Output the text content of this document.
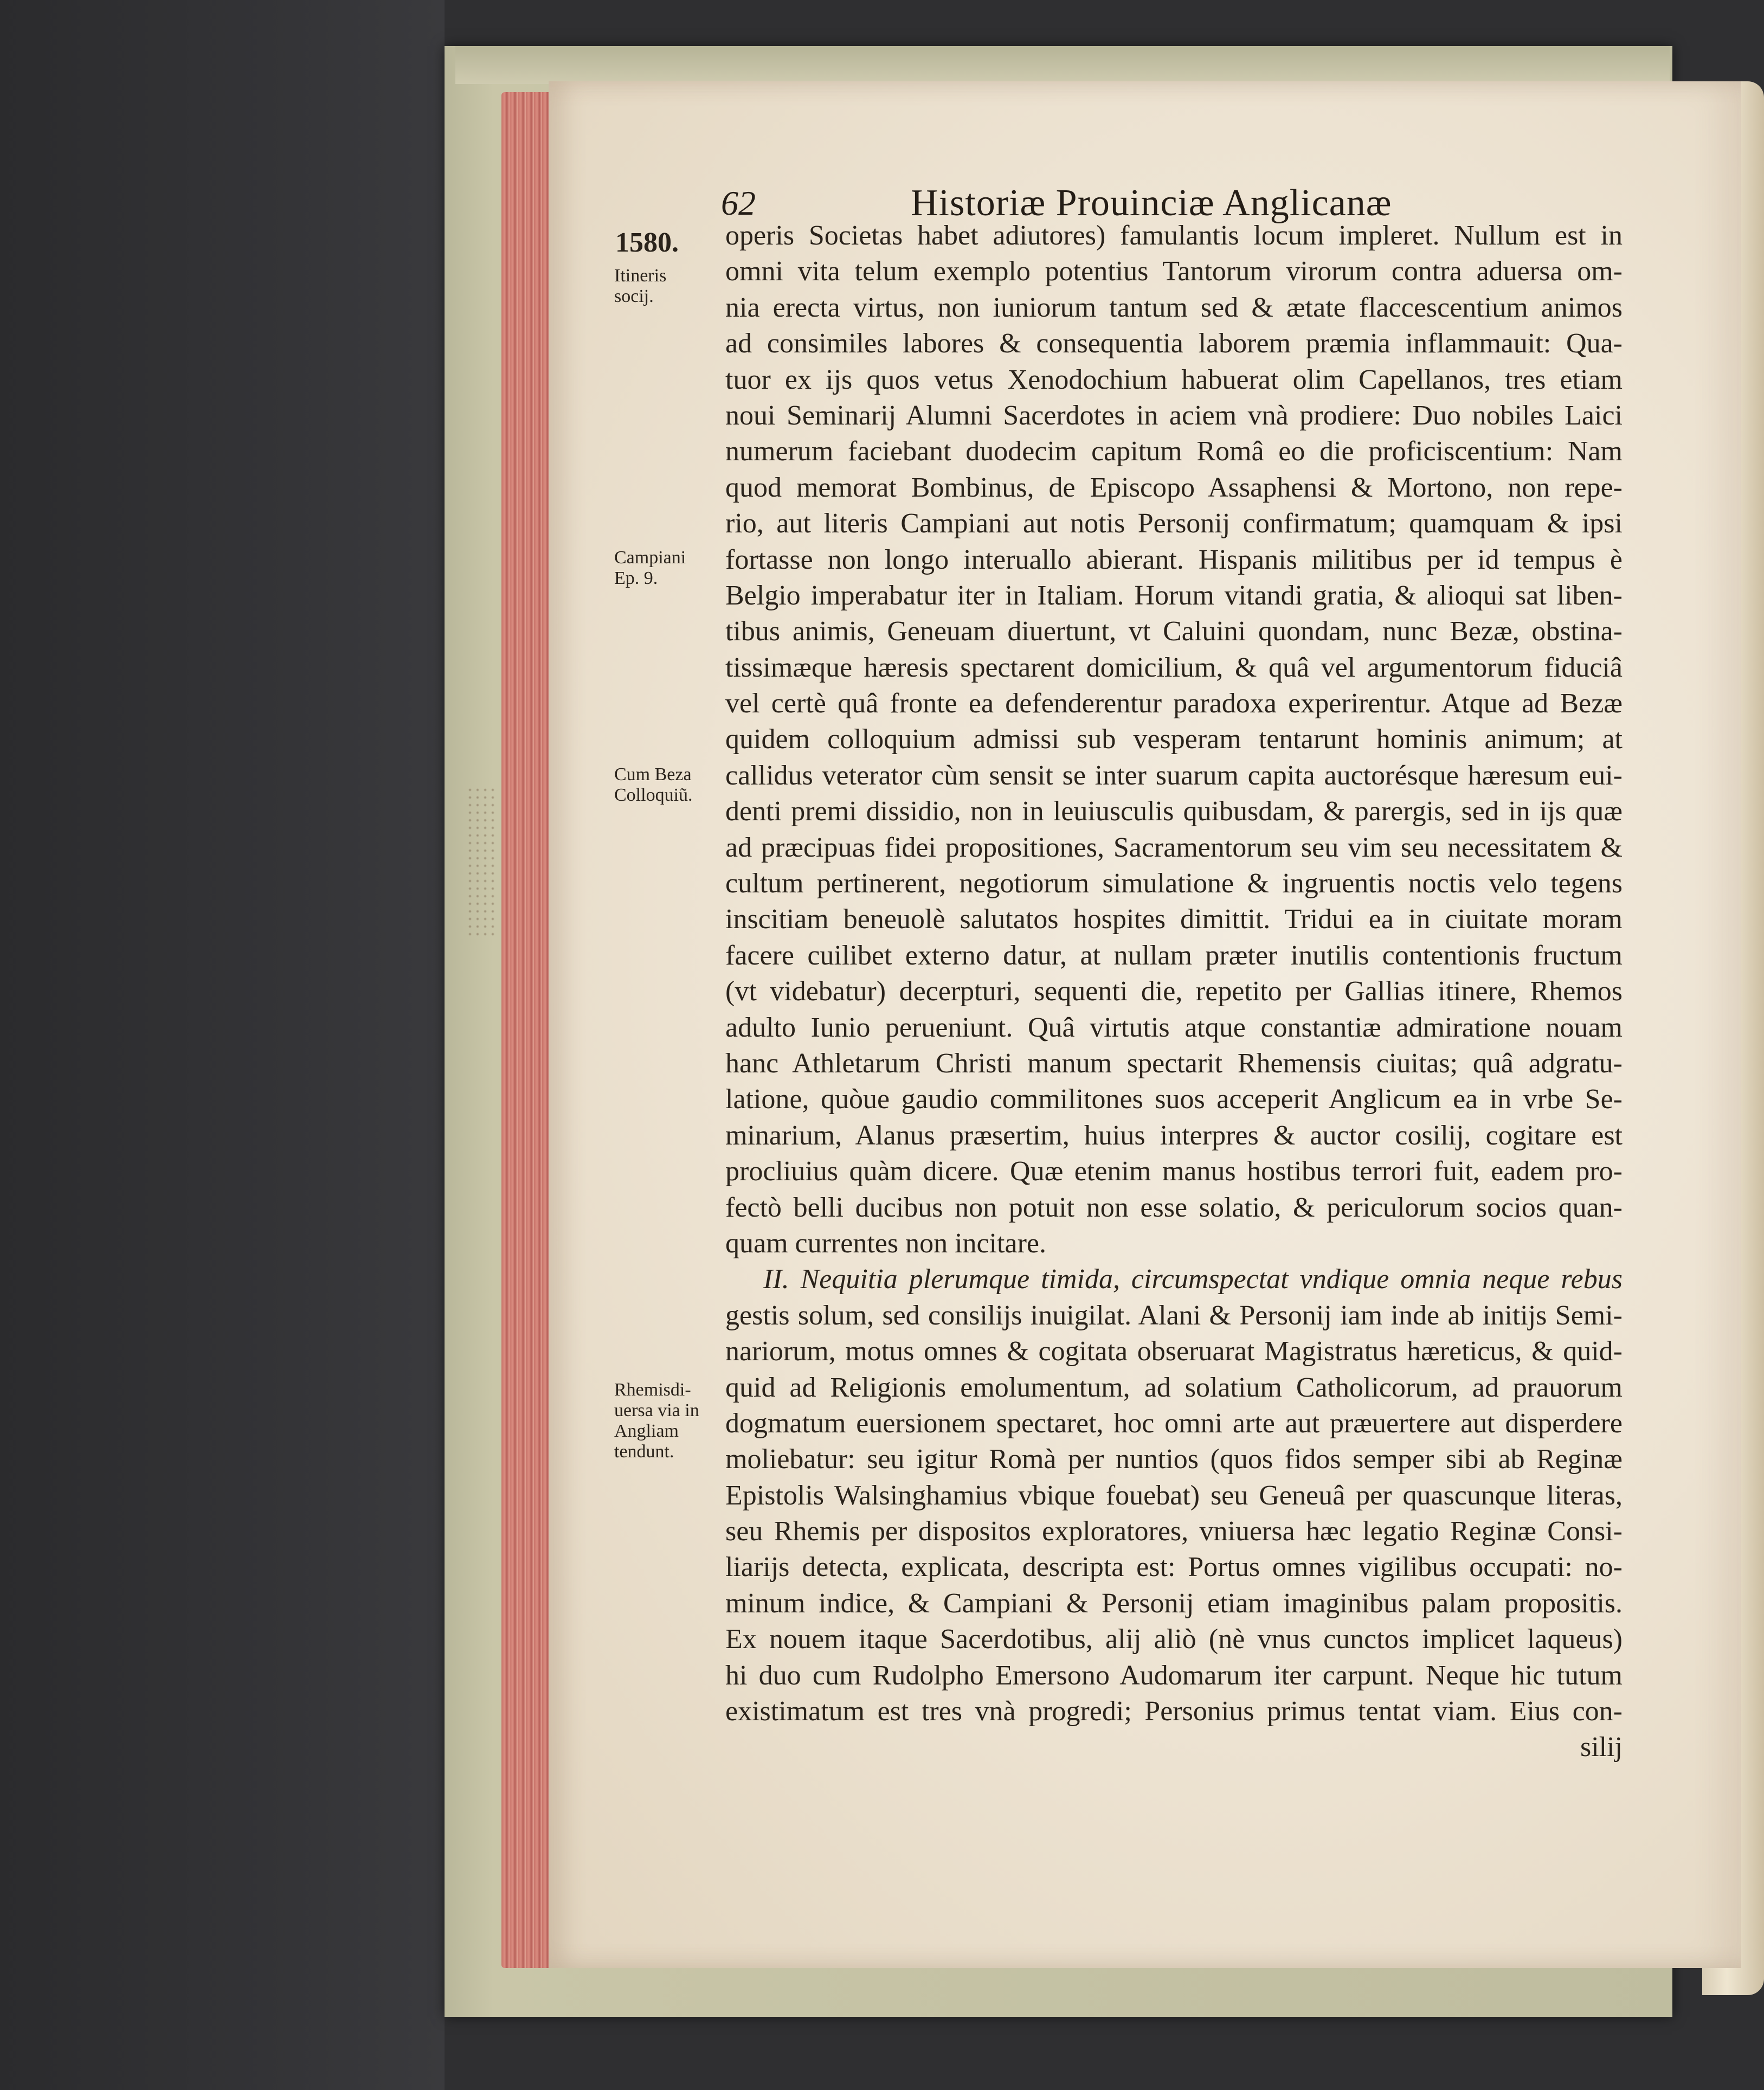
62	Historiæ Prouinciæ Anglicanæ
1580.
Itineris
socij.
Campiani
Ep. 9.
Cum Beza
Colloquiũ.
Rhemisdi-
uersa via in
Angliam
tendunt.
operis Societas habet adiutores) famulantis locum impleret. Nullum est in
omni vita telum exemplo potentius Tantorum virorum contra aduersa om-
nia erecta virtus, non iuniorum tantum sed & ætate flaccescentium animos
ad consimiles labores & consequentia laborem præmia inflammauit: Qua-
tuor ex ijs quos vetus Xenodochium habuerat olim Capellanos, tres etiam
noui Seminarij Alumni Sacerdotes in aciem vnà prodiere: Duo nobiles Laici
numerum faciebant duodecim capitum Româ eo die proficiscentium: Nam
quod memorat Bombinus, de Episcopo Assaphensi & Mortono, non repe-
rio, aut literis Campiani aut notis Personij confirmatum; quamquam & ipsi
fortasse non longo interuallo abierant. Hispanis militibus per id tempus è
Belgio imperabatur iter in Italiam. Horum vitandi gratia, & alioqui sat liben-
tibus animis, Geneuam diuertunt, vt Caluini quondam, nunc Bezæ, obstina-
tissimæque hæresis spectarent domicilium, & quâ vel argumentorum fiduciâ
vel certè quâ fronte ea defenderentur paradoxa experirentur. Atque ad Bezæ
quidem colloquium admissi sub vesperam tentarunt hominis animum; at
callidus veterator cùm sensit se inter suarum capita auctorésque hæresum eui-
denti premi dissidio, non in leuiusculis quibusdam, & parergis, sed in ijs quæ
ad præcipuas fidei propositiones, Sacramentorum seu vim seu necessitatem &
cultum pertinerent, negotiorum simulatione & ingruentis noctis velo tegens
inscitiam beneuolè salutatos hospites dimittit. Tridui ea in ciuitate moram
facere cuilibet externo datur, at nullam præter inutilis contentionis fructum
(vt videbatur) decerpturi, sequenti die, repetito per Gallias itinere, Rhemos
adulto Iunio perueniunt. Quâ virtutis atque constantiæ admiratione nouam
hanc Athletarum Christi manum spectarit Rhemensis ciuitas; quâ adgratu-
latione, quòue gaudio commilitones suos acceperit Anglicum ea in vrbe Se-
minarium, Alanus præsertim, huius interpres & auctor cosilij, cogitare est
procliuius quàm dicere. Quæ etenim manus hostibus terrori fuit, eadem pro-
fectò belli ducibus non potuit non esse solatio, & periculorum socios quan-
quam currentes non incitare.
II. Nequitia plerumque timida, circumspectat vndique omnia neque rebus
gestis solum, sed consilijs inuigilat. Alani & Personij iam inde ab initijs Semi-
nariorum, motus omnes & cogitata obseruarat Magistratus hæreticus, & quid-
quid ad Religionis emolumentum, ad solatium Catholicorum, ad prauorum
dogmatum euersionem spectaret, hoc omni arte aut præuertere aut disperdere
moliebatur: seu igitur Romà per nuntios (quos fidos semper sibi ab Reginæ
Epistolis Walsinghamius vbique fouebat) seu Geneuâ per quascunque literas,
seu Rhemis per dispositos exploratores, vniuersa hæc legatio Reginæ Consi-
liarijs detecta, explicata, descripta est: Portus omnes vigilibus occupati: no-
minum indice, & Campiani & Personij etiam imaginibus palam propositis.
Ex nouem itaque Sacerdotibus, alij aliò (nè vnus cunctos implicet laqueus)
hi duo cum Rudolpho Emersono Audomarum iter carpunt. Neque hic tutum
existimatum est tres vnà progredi; Personius primus tentat viam. Eius con-
silij
